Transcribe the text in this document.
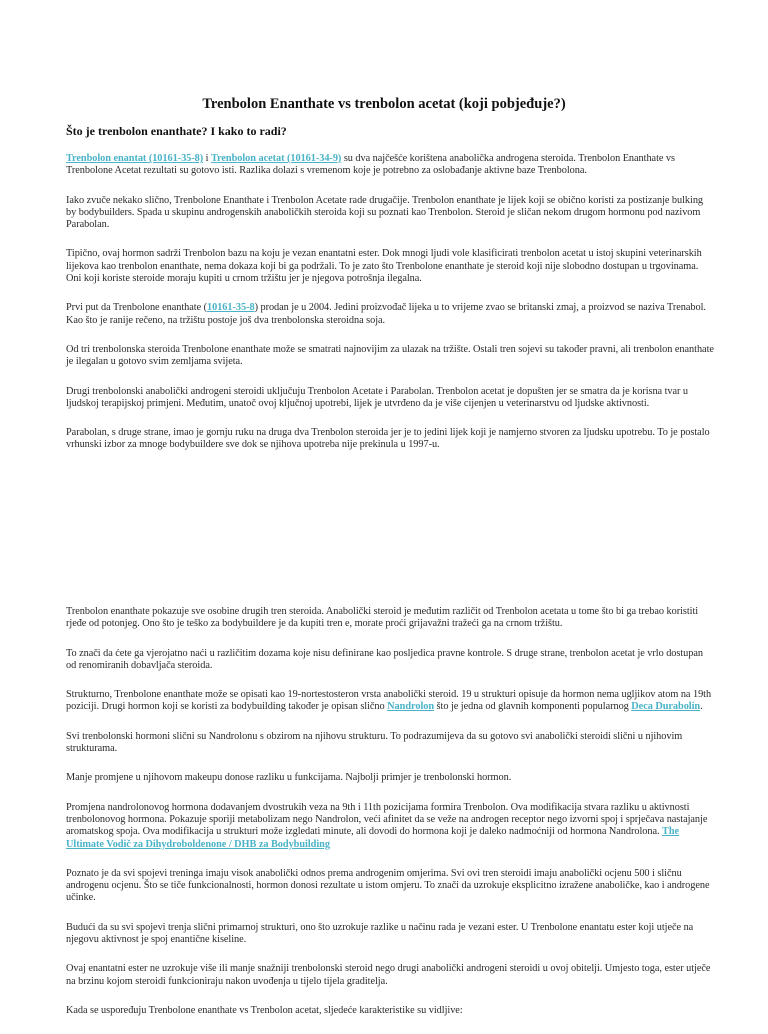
Trenbolon Enanthate vs trenbolon acetat (koji pobjeđuje?)
Što je trenbolon enanthate? I kako to radi?

Trenbolon enantat (10161-35-8) i Trenbolon acetat (10161-34-9) su dva najčešće korištena anabolička androgena steroida. Trenbolon Enanthate vs Trenbolone Acetat rezultati su gotovo isti. Razlika dolazi s vremenom koje je potrebno za oslobađanje aktivne baze Trenbolona.

Iako zvuče nekako slično, Trenbolone Enanthate i Trenbolon Acetate rade drugačije. Trenbolon enanthate je lijek koji se obično koristi za postizanje bulking by bodybuilders. Spada u skupinu androgenskih anaboličkih steroida koji su poznati kao Trenbolon. Steroid je sličan nekom drugom hormonu pod nazivom Parabolan.

Tipično, ovaj hormon sadrži Trenbolon bazu na koju je vezan enantatni ester. Dok mnogi ljudi vole klasificirati trenbolon acetat u istoj skupini veterinarskih lijekova kao trenbolon enanthate, nema dokaza koji bi ga podržali. To je zato što Trenbolone enanthate je steroid koji nije slobodno dostupan u trgovinama. Oni koji koriste steroide moraju kupiti u crnom tržištu jer je njegova potrošnja ilegalna.

Prvi put da Trenbolone enanthate (10161-35-8) prodan je u 2004. Jedini proizvođač lijeka u to vrijeme zvao se britanski zmaj, a proizvod se naziva Trenabol. Kao što je ranije rečeno, na tržištu postoje još dva trenbolonska steroidna soja.

Od tri trenbolonska steroida Trenbolone enanthate može se smatrati najnovijim za ulazak na tržište. Ostali tren sojevi su također pravni, ali trenbolon enanthate je ilegalan u gotovo svim zemljama svijeta.

Drugi trenbolonski anabolički androgeni steroidi uključuju Trenbolon Acetate i Parabolan. Trenbolon acetat je dopušten jer se smatra da je korisna tvar u ljudskoj terapijskoj primjeni. Međutim, unatoč ovoj ključnoj upotrebi, lijek je utvrđeno da je više cijenjen u veterinarstvu od ljudske aktivnosti.

Parabolan, s druge strane, imao je gornju ruku na druga dva Trenbolon steroida jer je to jedini lijek koji je namjerno stvoren za ljudsku upotrebu. To je postalo vrhunski izbor za mnoge bodybuildere sve dok se njihova upotreba nije prekinula u 1997-u.

Trenbolon enanthate pokazuje sve osobine drugih tren steroida. Anabolički steroid je međutim različit od Trenbolon acetata u tome što bi ga trebao koristiti rjeđe od potonjeg. Ono što je teško za bodybuildere je da kupiti tren e, morate proći grijavažni tražeći ga na crnom tržištu.

To znači da ćete ga vjerojatno naći u različitim dozama koje nisu definirane kao posljedica pravne kontrole. S druge strane, trenbolon acetat je vrlo dostupan od renomiranih dobavljača steroida.

Strukturno, Trenbolone enanthate može se opisati kao 19-nortestosteron vrsta anabolički steroid. 19 u strukturi opisuje da hormon nema ugljikov atom na 19th poziciji. Drugi hormon koji se koristi za bodybuilding također je opisan slično Nandrolon što je jedna od glavnih komponenti popularnog Deca Durabolin.

Svi trenbolonski hormoni slični su Nandrolonu s obzirom na njihovu strukturu. To podrazumijeva da su gotovo svi anabolički steroidi slični u njihovim strukturama.

Manje promjene u njihovom makeupu donose razliku u funkcijama. Najbolji primjer je trenbolonski hormon.

Promjena nandrolonovog hormona dodavanjem dvostrukih veza na 9th i 11th pozicijama formira Trenbolon. Ova modifikacija stvara razliku u aktivnosti trenbolonovog hormona. Pokazuje sporiji metabolizam nego Nandrolon, veći afinitet da se veže na androgen receptor nego izvorni spoj i sprječava nastajanje aromatskog spoja. Ova modifikacija u strukturi može izgledati minute, ali dovodi do hormona koji je daleko nadmoćniji od hormona Nandrolona. The Ultimate Vodič za Dihydroboldenone / DHB za Bodybuilding

Poznato je da svi spojevi treninga imaju visok anabolički odnos prema androgenim omjerima. Svi ovi tren steroidi imaju anabolički ocjenu 500 i sličnu androgenu ocjenu. Što se tiče funkcionalnosti, hormon donosi rezultate u istom omjeru. To znači da uzrokuje eksplicitno izražene anaboličke, kao i androgene učinke.

Budući da su svi spojevi trenja slični primarnoj strukturi, ono što uzrokuje razlike u načinu rada je vezani ester. U Trenbolone enantatu ester koji utječe na njegovu aktivnost je spoj enantične kiseline.

Ovaj enantatni ester ne uzrokuje više ili manje snažniji trenbolonski steroid nego drugi anabolički androgeni steroidi u ovoj obitelji. Umjesto toga, ester utječe na brzinu kojom steroidi funkcioniraju nakon uvođenja u tijelo tijela graditelja.

Kada se uspoređuju Trenbolone enanthate vs Trenbolon acetat, sljedeće karakteristike su vidljive:
